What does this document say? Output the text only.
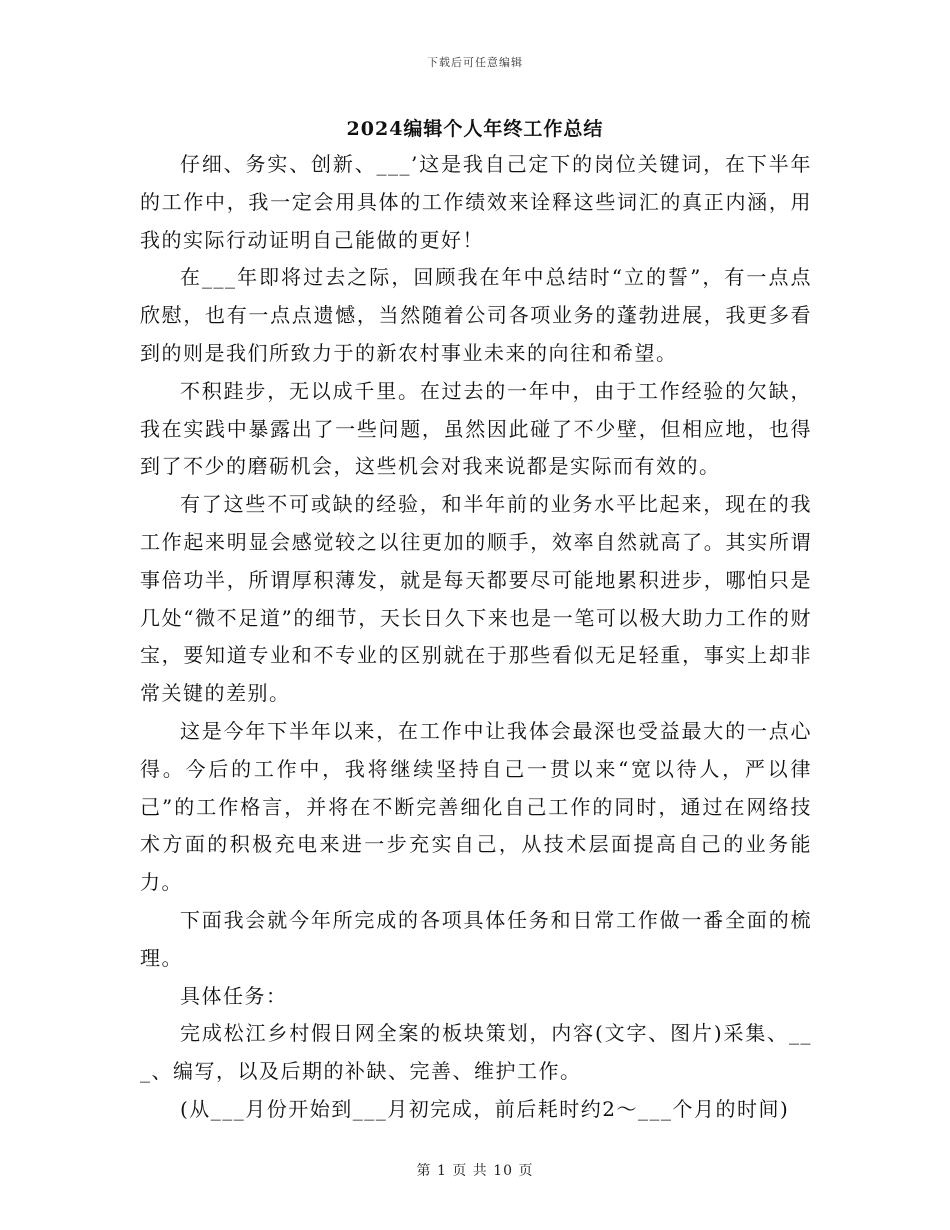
下载后可任意编辑
2024编辑个人年终工作总结

仔细、务实、创新、___’这是我自己定下的岗位关键词，在下半年的工作中，我一定会用具体的工作绩效来诠释这些词汇的真正内涵，用我的实际行动证明自己能做的更好！

在___年即将过去之际，回顾我在年中总结时“立的誓”，有一点点欣慰，也有一点点遗憾，当然随着公司各项业务的蓬勃进展，我更多看到的则是我们所致力于的新农村事业未来的向往和希望。

不积跬步，无以成千里。在过去的一年中，由于工作经验的欠缺，我在实践中暴露出了一些问题，虽然因此碰了不少壁，但相应地，也得到了不少的磨砺机会，这些机会对我来说都是实际而有效的。

有了这些不可或缺的经验，和半年前的业务水平比起来，现在的我工作起来明显会感觉较之以往更加的顺手，效率自然就高了。其实所谓事倍功半，所谓厚积薄发，就是每天都要尽可能地累积进步，哪怕只是几处“微不足道”的细节，天长日久下来也是一笔可以极大助力工作的财宝，要知道专业和不专业的区别就在于那些看似无足轻重，事实上却非常关键的差别。

这是今年下半年以来，在工作中让我体会最深也受益最大的一点心得。今后的工作中，我将继续坚持自己一贯以来“宽以待人，严以律己”的工作格言，并将在不断完善细化自己工作的同时，通过在网络技术方面的积极充电来进一步充实自己，从技术层面提高自己的业务能力。

下面我会就今年所完成的各项具体任务和日常工作做一番全面的梳理。

具体任务：

完成松江乡村假日网全案的板块策划，内容(文字、图片)采集、___、编写，以及后期的补缺、完善、维护工作。

(从___月份开始到___月初完成，前后耗时约2～___个月的时间)

第 1 页 共 10 页
